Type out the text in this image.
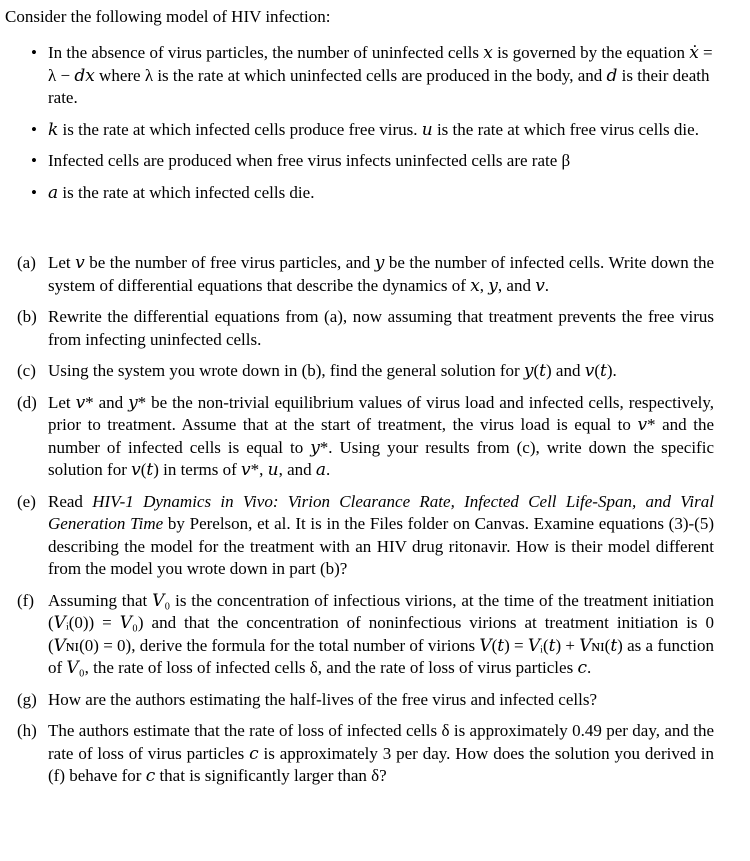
Consider the following model of HIV infection:

• In the absence of virus particles, the number of uninfected cells 𝑥 is governed by the equation 𝑥̇ = λ − 𝑑𝑥 where λ is the rate at which uninfected cells are produced in the body, and 𝑑 is their death rate.
• 𝑘 is the rate at which infected cells produce free virus. 𝑢 is the rate at which free virus cells die.
• Infected cells are produced when free virus infects uninfected cells are rate β
• 𝑎 is the rate at which infected cells die.
(a) Let 𝑣 be the number of free virus particles, and 𝑦 be the number of infected cells. Write down the system of differential equations that describe the dynamics of 𝑥, 𝑦, and 𝑣.
(b) Rewrite the differential equations from (a), now assuming that treatment prevents the free virus from infecting uninfected cells.
(c) Using the system you wrote down in (b), find the general solution for 𝑦(𝑡) and 𝑣(𝑡).
(d) Let 𝑣* and 𝑦* be the non-trivial equilibrium values of virus load and infected cells, respectively, prior to treatment. Assume that at the start of treatment, the virus load is equal to 𝑣* and the number of infected cells is equal to 𝑦*. Using your results from (c), write down the specific solution for 𝑣(𝑡) in terms of 𝑣*, 𝑢, and 𝑎.
(e) Read HIV-1 Dynamics in Vivo: Virion Clearance Rate, Infected Cell Life-Span, and Viral Generation Time by Perelson, et al. It is in the Files folder on Canvas. Examine equations (3)-(5) describing the model for the treatment with an HIV drug ritonavir. How is their model different from the model you wrote down in part (b)?
(f) Assuming that 𝑉₀ is the concentration of infectious virions, at the time of the treatment initiation (𝑉ᵢ(0)) = 𝑉₀) and that the concentration of noninfectious virions at treatment initiation is 0 (𝑉ɴɪ(0) = 0), derive the formula for the total number of virions 𝑉(𝑡) = 𝑉ᵢ(𝑡) + 𝑉ɴɪ(𝑡) as a function of 𝑉₀, the rate of loss of infected cells δ, and the rate of loss of virus particles 𝑐.
(g) How are the authors estimating the half-lives of the free virus and infected cells?
(h) The authors estimate that the rate of loss of infected cells δ is approximately 0.49 per day, and the rate of loss of virus particles 𝑐 is approximately 3 per day. How does the solution you derived in (f) behave for 𝑐 that is significantly larger than δ?
